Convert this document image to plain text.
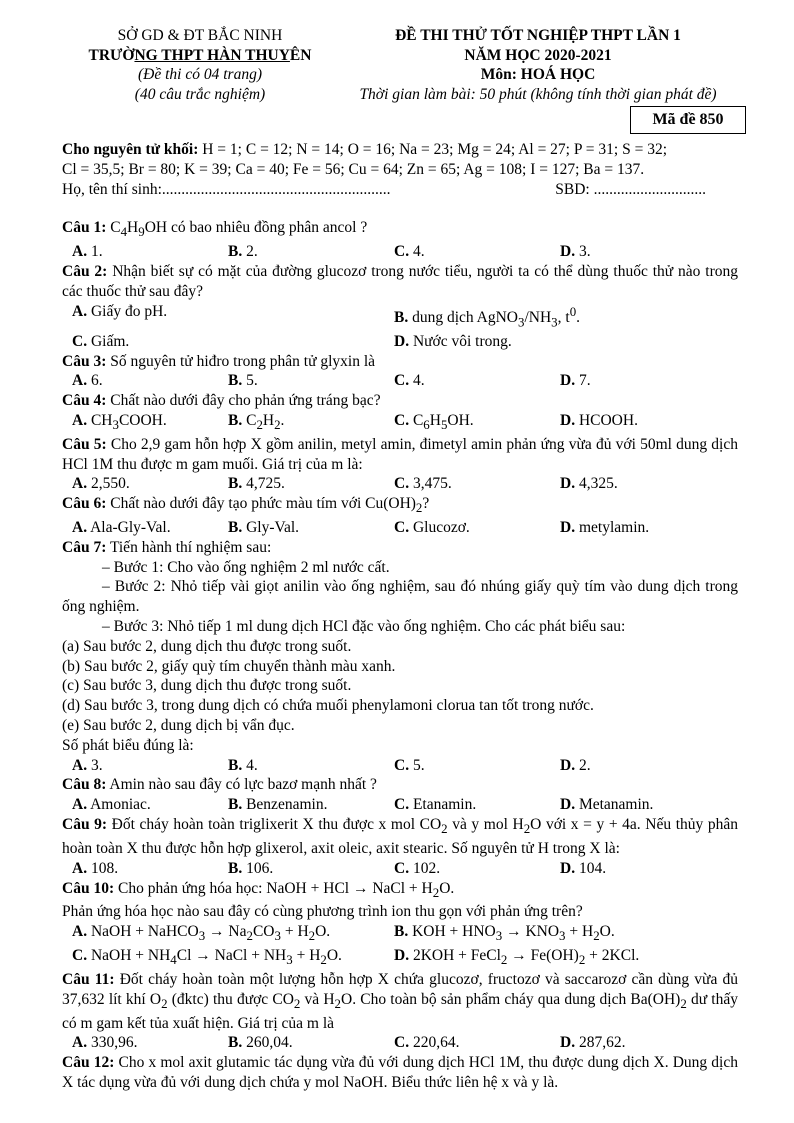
SỞ GD & ĐT BẮC NINH
TRƯỜNG THPT HÀN THUYÊN
(Đề thi có 04 trang)
(40 câu trắc nghiệm)
ĐỀ THI THỬ TỐT NGHIỆP THPT LẦN 1
NĂM HỌC 2020-2021
Môn: HOÁ HỌC
Thời gian làm bài: 50 phút (không tính thời gian phát đề)
Mã đề 850

Cho nguyên tử khối: H = 1; C = 12; N = 14; O = 16; Na = 23; Mg = 24; Al = 27; P = 31; S = 32;

Cl = 35,5; Br = 80; K = 39; Ca = 40; Fe = 56; Cu = 64; Zn = 65; Ag = 108; I = 127; Ba = 137.

Họ, tên thí sinh:...........................................................	SBD: .............................

Câu 1: $C_4H_9OH$ có bao nhiêu đồng phân ancol ?

A. 1.	B. 2.	C. 4.	D. 3.

Câu 2: Nhận biết sự có mặt của đường glucozơ trong nước tiểu, người ta có thể dùng thuốc thử nào trong các thuốc thử sau đây?

A. Giấy đo pH.	B. dung dịch $AgNO_3/NH_3$, $t^0$.
C. Giấm.	D. Nước vôi trong.

Câu 3: Số nguyên tử hiđro trong phân tử glyxin là

A. 6.	B. 5.	C. 4.	D. 7.

Câu 4: Chất nào dưới đây cho phản ứng tráng bạc?

A. $CH_3COOH$.	B. $C_2H_2$.	C. $C_6H_5OH$.	D. HCOOH.

Câu 5: Cho 2,9 gam hỗn hợp X gồm anilin, metyl amin, đimetyl amin phản ứng vừa đủ với 50ml dung dịch HCl 1M thu được m gam muối. Giá trị của m là:

A. 2,550.	B. 4,725.	C. 3,475.	D. 4,325.

Câu 6: Chất nào dưới đây tạo phức màu tím với $Cu(OH)_2$?

A. Ala-Gly-Val.	B. Gly-Val.	C. Glucozơ.	D. metylamin.

Câu 7: Tiến hành thí nghiệm sau:

– Bước 1: Cho vào ống nghiệm 2 ml nước cất.

– Bước 2: Nhỏ tiếp vài giọt anilin vào ống nghiệm, sau đó nhúng giấy quỳ tím vào dung dịch trong ống nghiệm.

– Bước 3: Nhỏ tiếp 1 ml dung dịch HCl đặc vào ống nghiệm. Cho các phát biểu sau:

(a) Sau bước 2, dung dịch thu được trong suốt.

(b) Sau bước 2, giấy quỳ tím chuyển thành màu xanh.

(c) Sau bước 3, dung dịch thu được trong suốt.

(d) Sau bước 3, trong dung dịch có chứa muối phenylamoni clorua tan tốt trong nước.

(e) Sau bước 2, dung dịch bị vẩn đục.

Số phát biểu đúng là:

A. 3.	B. 4.	C. 5.	D. 2.

Câu 8: Amin nào sau đây có lực bazơ mạnh nhất ?

A. Amoniac.	B. Benzenamin.	C. Etanamin.	D. Metanamin.

Câu 9: Đốt cháy hoàn toàn triglixerit X thu được x mol $CO_2$ và y mol $H_2O$ với x = y + 4a. Nếu thủy phân hoàn toàn X thu được hỗn hợp glixerol, axit oleic, axit stearic. Số nguyên tử H trong X là:

A. 108.	B. 106.	C. 102.	D. 104.

Câu 10: Cho phản ứng hóa học: NaOH + HCl → NaCl + $H_2O$.

Phản ứng hóa học nào sau đây có cùng phương trình ion thu gọn với phản ứng trên?

A. NaOH + NaHCO$_3$ → $Na_2CO_3 + H_2O$.	B. KOH + $HNO_3 \to KNO_3 + H_2O$.
C. NaOH + $NH_4Cl$ → NaCl + $NH_3 + H_2O$.	D. 2KOH + FeCl$_2$ → $Fe(OH)_2 + 2KCl$.

Câu 11: Đốt cháy hoàn toàn một lượng hỗn hợp X chứa glucozơ, fructozơ và saccarozơ cần dùng vừa đủ 37,632 lít khí $O_2$ (đktc) thu được $CO_2$ và $H_2O$. Cho toàn bộ sản phẩm cháy qua dung dịch $Ba(OH)_2$ dư thấy có m gam kết tủa xuất hiện. Giá trị của m là

A. 330,96.	B. 260,04.	C. 220,64.	D. 287,62.

Câu 12: Cho x mol axit glutamic tác dụng vừa đủ với dung dịch HCl 1M, thu được dung dịch X. Dung dịch X tác dụng vừa đủ với dung dịch chứa y mol NaOH. Biểu thức liên hệ x và y là.
